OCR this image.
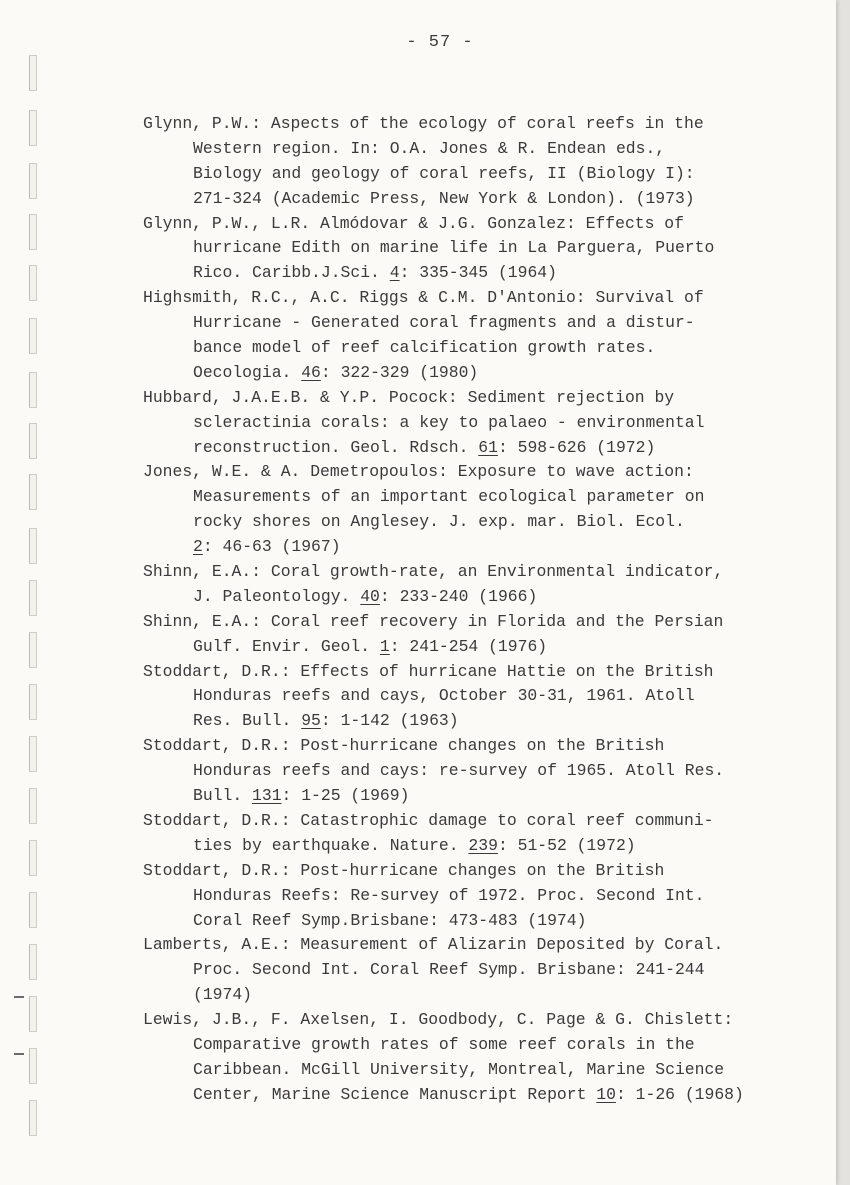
- 57 -
Glynn, P.W.: Aspects of the ecology of coral reefs in the
Western region. In: O.A. Jones & R. Endean eds.,
Biology and geology of coral reefs, II (Biology I):
271-324 (Academic Press, New York & London). (1973)
Glynn, P.W., L.R. Almódovar & J.G. Gonzalez: Effects of
hurricane Edith on marine life in La Parguera, Puerto
Rico. Caribb.J.Sci. 4: 335-345 (1964)
Highsmith, R.C., A.C. Riggs & C.M. D'Antonio: Survival of
Hurricane - Generated coral fragments and a distur-
bance model of reef calcification growth rates.
Oecologia. 46: 322-329 (1980)
Hubbard, J.A.E.B. & Y.P. Pocock: Sediment rejection by
scleractinia corals: a key to palaeo - environmental
reconstruction. Geol. Rdsch. 61: 598-626 (1972)
Jones, W.E. & A. Demetropoulos: Exposure to wave action:
Measurements of an important ecological parameter on
rocky shores on Anglesey. J. exp. mar. Biol. Ecol.
2: 46-63 (1967)
Shinn, E.A.: Coral growth-rate, an Environmental indicator,
J. Paleontology. 40: 233-240 (1966)
Shinn, E.A.: Coral reef recovery in Florida and the Persian
Gulf. Envir. Geol. 1: 241-254 (1976)
Stoddart, D.R.: Effects of hurricane Hattie on the British
Honduras reefs and cays, October 30-31, 1961. Atoll
Res. Bull. 95: 1-142 (1963)
Stoddart, D.R.: Post-hurricane changes on the British
Honduras reefs and cays: re-survey of 1965. Atoll Res.
Bull. 131: 1-25 (1969)
Stoddart, D.R.: Catastrophic damage to coral reef communi-
ties by earthquake. Nature. 239: 51-52 (1972)
Stoddart, D.R.: Post-hurricane changes on the British
Honduras Reefs: Re-survey of 1972. Proc. Second Int.
Coral Reef Symp.Brisbane: 473-483 (1974)
Lamberts, A.E.: Measurement of Alizarin Deposited by Coral.
Proc. Second Int. Coral Reef Symp. Brisbane: 241-244
(1974)
Lewis, J.B., F. Axelsen, I. Goodbody, C. Page & G. Chislett:
Comparative growth rates of some reef corals in the
Caribbean. McGill University, Montreal, Marine Science
Center, Marine Science Manuscript Report 10: 1-26 (1968)
